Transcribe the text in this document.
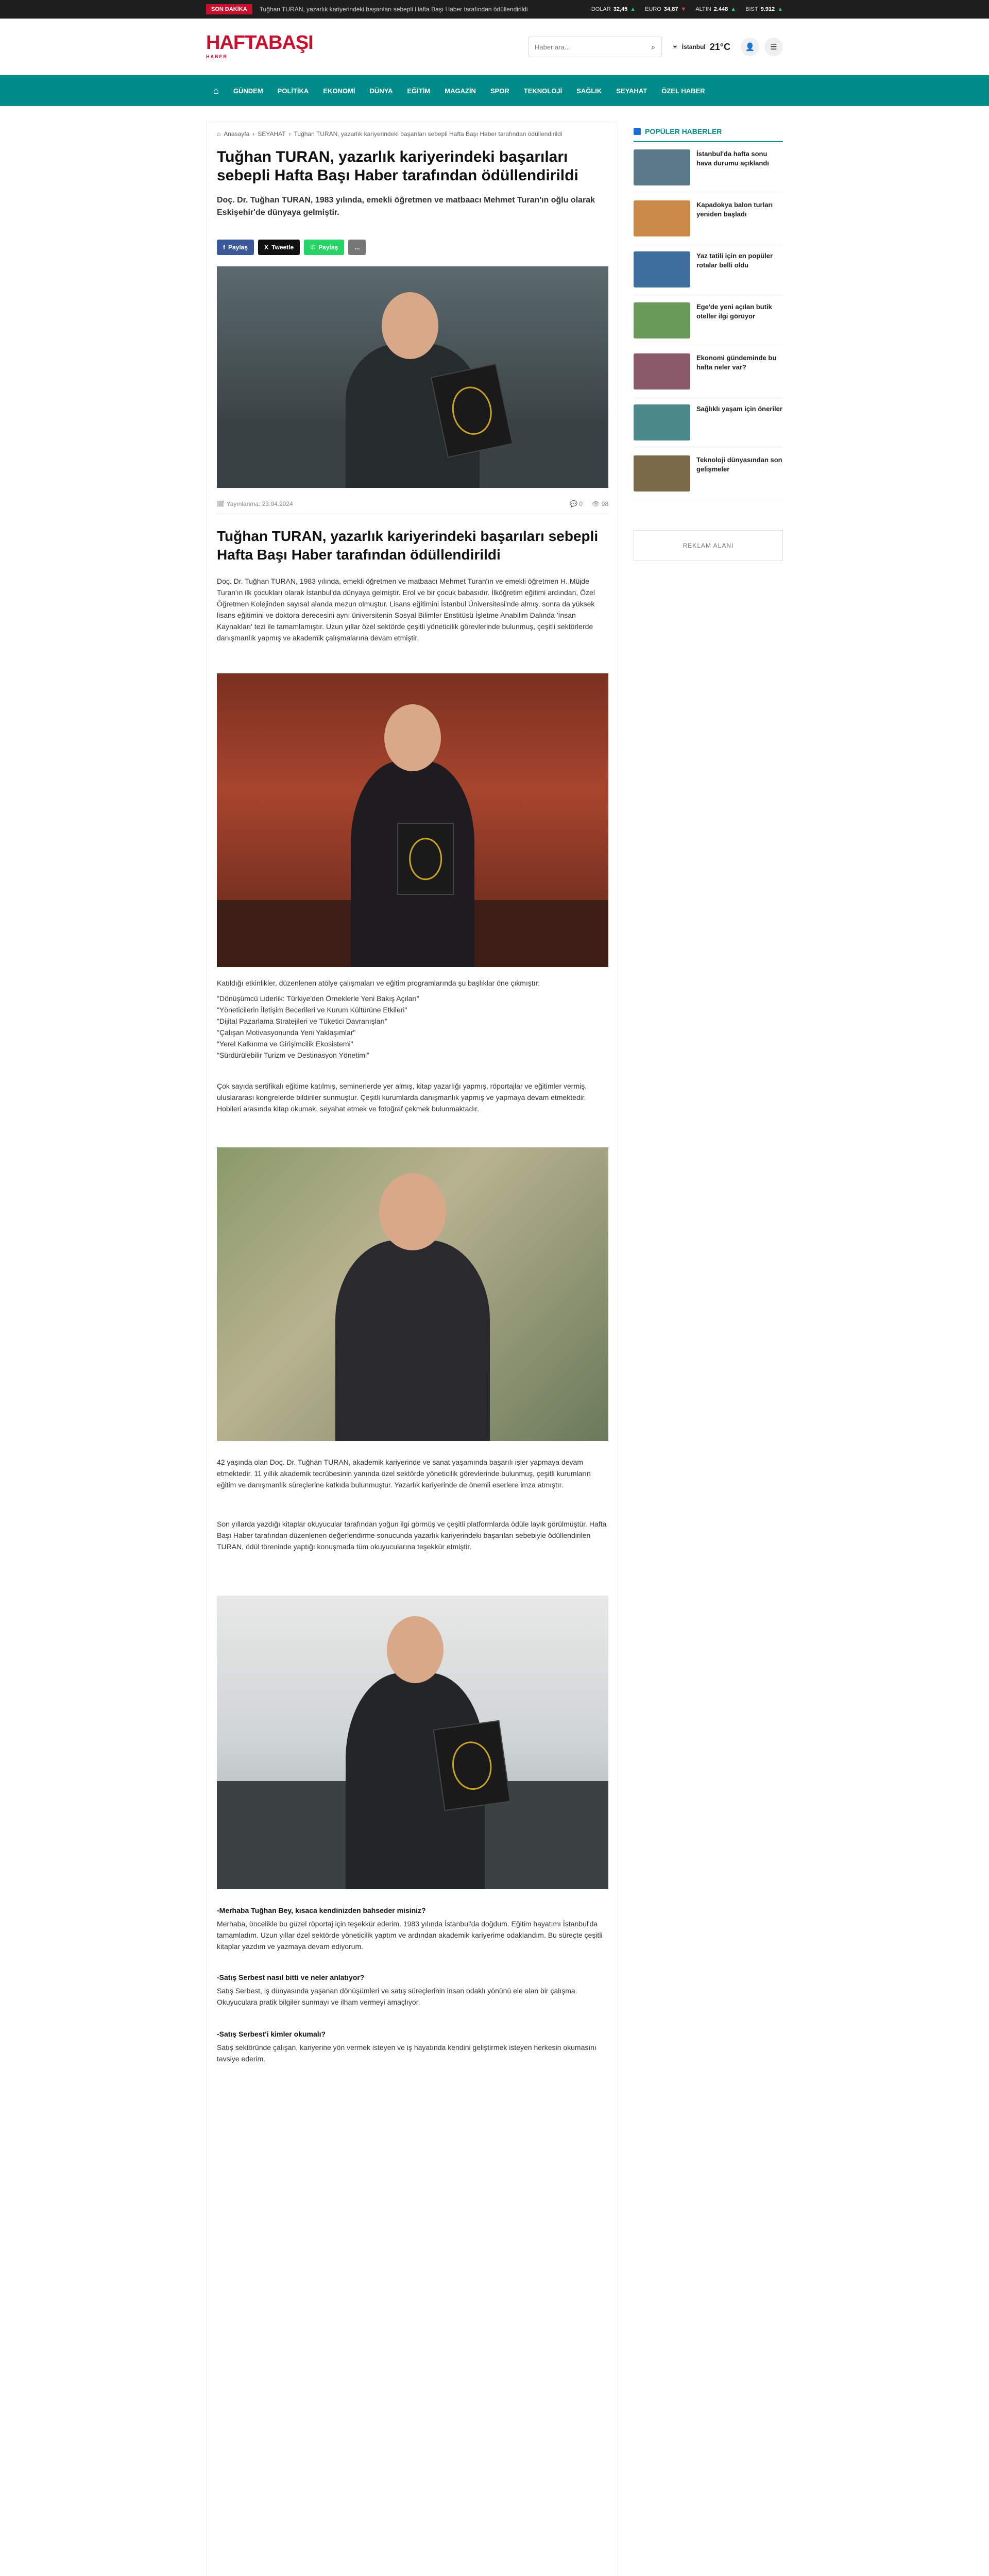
SON DAKİKA	Tuğhan TURAN, yazarlık kariyerindeki başarıları sebepli Hafta Başı Haber tarafından ödüllendirildi	DOLAR 32,45 ▲ EURO 34,87 ▼ ALTIN 2.448 ▲ BIST 9.912 ▲
HAFTABAŞI
HABER
Haber ara...
⌕	☀ İstanbul 21°C	👤	☰
⌂	GÜNDEM	POLİTİKA	EKONOMİ	DÜNYA	EĞİTİM	MAGAZİN	SPOR	TEKNOLOJİ	SAĞLIK	SEYAHAT	ÖZEL HABER
⌂ Anasayfa › SEYAHAT › Tuğhan TURAN, yazarlık kariyerindeki başarıları sebepli Hafta Başı Haber tarafından ödüllendirildi
Tuğhan TURAN, yazarlık kariyerindeki başarıları sebepli Hafta Başı Haber tarafından ödüllendirildi

Doç. Dr. Tuğhan TURAN, 1983 yılında, emekli öğretmen ve matbaacı Mehmet Turan'ın oğlu olarak Eskişehir'de dünyaya gelmiştir.

f Paylaş	X Tweetle	✆ Paylaş	...
🗓 Yayınlanma: 23.04.2024	💬 0 👁 98
Tuğhan TURAN, yazarlık kariyerindeki başarıları sebepli Hafta Başı Haber tarafından ödüllendirildi

Doç. Dr. Tuğhan TURAN, 1983 yılında, emekli öğretmen ve matbaacı Mehmet Turan'ın ve emekli öğretmen H. Müjde Turan'ın ilk çocukları olarak İstanbul'da dünyaya gelmiştir. Erol ve bir çocuk babasıdır. İlköğretim eğitimi ardından, Özel Öğretmen Kolejinden sayısal alanda mezun olmuştur. Lisans eğitimini İstanbul Üniversitesi'nde almış, sonra da yüksek lisans eğitimini ve doktora derecesini aynı üniversitenin Sosyal Bilimler Enstitüsü İşletme Anabilim Dalında 'İnsan Kaynakları' tezi ile tamamlamıştır. Uzun yıllar özel sektörde çeşitli yöneticilik görevlerinde bulunmuş, çeşitli sektörlerde danışmanlık yapmış ve akademik çalışmalarına devam etmiştir.

Katıldığı etkinlikler, düzenlenen atölye çalışmaları ve eğitim programlarında şu başlıklar öne çıkmıştır:

"Dönüşümcü Liderlik: Türkiye'den Örneklerle Yeni Bakış Açıları"

"Yöneticilerin İletişim Becerileri ve Kurum Kültürüne Etkileri"

"Dijital Pazarlama Stratejileri ve Tüketici Davranışları"

"Çalışan Motivasyonunda Yeni Yaklaşımlar"

"Yerel Kalkınma ve Girişimcilik Ekosistemi"

"Sürdürülebilir Turizm ve Destinasyon Yönetimi"

Çok sayıda sertifikalı eğitime katılmış, seminerlerde yer almış, kitap yazarlığı yapmış, röportajlar ve eğitimler vermiş, uluslararası kongrelerde bildiriler sunmuştur. Çeşitli kurumlarda danışmanlık yapmış ve yapmaya devam etmektedir. Hobileri arasında kitap okumak, seyahat etmek ve fotoğraf çekmek bulunmaktadır.

42 yaşında olan Doç. Dr. Tuğhan TURAN, akademik kariyerinde ve sanat yaşamında başarılı işler yapmaya devam etmektedir. 11 yıllık akademik tecrübesinin yanında özel sektörde yöneticilik görevlerinde bulunmuş, çeşitli kurumların eğitim ve danışmanlık süreçlerine katkıda bulunmuştur. Yazarlık kariyerinde de önemli eserlere imza atmıştır.

Son yıllarda yazdığı kitaplar okuyucular tarafından yoğun ilgi görmüş ve çeşitli platformlarda ödüle layık görülmüştür. Hafta Başı Haber tarafından düzenlenen değerlendirme sonucunda yazarlık kariyerindeki başarıları sebebiyle ödüllendirilen TURAN, ödül töreninde yaptığı konuşmada tüm okuyucularına teşekkür etmiştir.

-Merhaba Tuğhan Bey, kısaca kendinizden bahseder misiniz?

Merhaba, öncelikle bu güzel röportaj için teşekkür ederim. 1983 yılında İstanbul'da doğdum. Eğitim hayatımı İstanbul'da tamamladım. Uzun yıllar özel sektörde yöneticilik yaptım ve ardından akademik kariyerime odaklandım. Bu süreçte çeşitli kitaplar yazdım ve yazmaya devam ediyorum.

-Satış Serbest nasıl bitti ve neler anlatıyor?

Satış Serbest, iş dünyasında yaşanan dönüşümleri ve satış süreçlerinin insan odaklı yönünü ele alan bir çalışma. Okuyuculara pratik bilgiler sunmayı ve ilham vermeyi amaçlıyor.

-Satış Serbest'i kimler okumalı?

Satış sektöründe çalışan, kariyerine yön vermek isteyen ve iş hayatında kendini geliştirmek isteyen herkesin okumasını tavsiye ederim.

POPÜLER HABERLER
İstanbul'da hafta sonu hava durumu açıklandı
Kapadokya balon turları yeniden başladı
Yaz tatili için en popüler rotalar belli oldu
Ege'de yeni açılan butik oteller ilgi görüyor
Ekonomi gündeminde bu hafta neler var?
Sağlıklı yaşam için öneriler
Teknoloji dünyasından son gelişmeler
REKLAM ALANI
